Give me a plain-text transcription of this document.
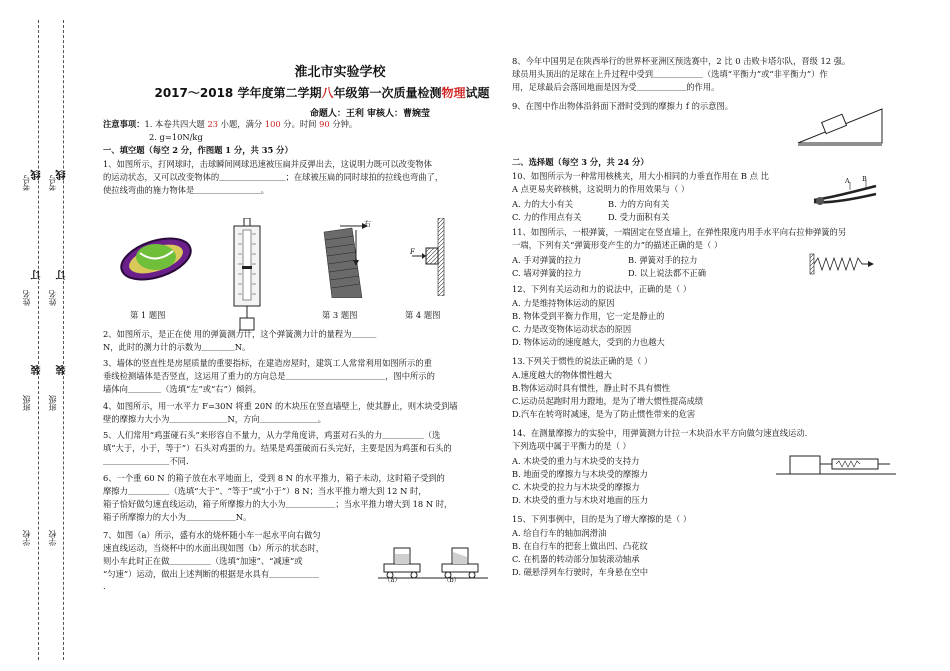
考号 考号
线 线
姓名 姓名
订 订
班级 班级
装 装
学校 学校
淮北市实验学校
2017～2018 学年度第二学期八年级第一次质量检测物理试题
命题人：王利 审核人：曹婉莹
注意事项：1. 本卷共四大题 23 小题，满分 100 分。时间 90 分钟。
2. g=10N/kg
一、填空题（每空 2 分，作图题 1 分，共 35 分）
1、如图所示，打网球时，击球瞬间网球迅速被压扁并反弹出去，这说明力既可以改变物体
的运动状态，又可以改变物体的＿＿＿＿＿＿＿＿；在球被压扁的同时球拍的拉线也弯曲了，
使拉线弯曲的施力物体是＿＿＿＿＿＿＿＿。
右
F
第 1 题图	第 3 题图	第 4 题图
2、如图所示，是正在使 用的弹簧测力计，这个弹簧测力计的量程为＿＿＿
N，此时的测力计的示数为＿＿＿＿N。
3、墙体的竖直性是房屋质量的重要指标，在建造房屋时，建筑工人常常利用如图所示的重
垂线检测墙体是否竖直，这运用了重力的方向总是＿＿＿＿＿＿＿＿＿＿＿＿，图中所示的
墙体向＿＿＿＿（选填“左”或“右”）倾斜。
4、如图所示，用一水平力 F=30N 将重 20N 的木块压在竖直墙壁上，使其静止，则木块受到墙
壁的摩擦力大小为＿＿＿＿＿＿＿N，方向＿＿＿＿＿＿＿。
5、人们常用“鸡蛋碰石头”来形容自不量力，从力学角度讲，鸡蛋对石头的力＿＿＿＿＿（选
填“大于，小于，等于”）石头对鸡蛋的力。结果是鸡蛋破而石头完好，主要是因为鸡蛋和石头的
＿＿＿＿＿＿＿＿不同.
6、一个重 60 N 的箱子放在水平地面上，受到 8 N 的水平推力，箱子未动，这时箱子受到的
摩擦力＿＿＿＿＿（选填“大于”、“等于”或“小于”）8 N；当水平推力增大到 12 N 时，
箱子恰好做匀速直线运动，箱子所摩擦力的大小为＿＿＿＿＿＿；当水平推力增大到 18 N 时，
箱子所摩擦力的大小为＿＿＿＿＿＿N。
7、如图（a）所示，盛有水的烧杯随小车一起水平向右做匀
速直线运动，当烧杯中的水面出现如图（b）所示的状态时，
则小车此时正在做＿＿＿＿＿（选填“加速”、“减速”或
“匀速”）运动，做出上述判断的根据是水具有＿＿＿＿＿＿
.
（a）	（b）
8、今年中国男足在陕西举行的世界杯亚洲区预选赛中，2 比 0 击败卡塔尔队，晋级 12 强。
球员用头顶出的足球在上升过程中受到＿＿＿＿＿＿（选填“平衡力”或“非平衡力”）作
用，足球最后会落回地面是因为受＿＿＿＿＿＿的作用。
9、在图中作出物体沿斜面下滑时受到的摩擦力 f 的示意图。
二、选择题（每空 3 分，共 24 分）
10、如图所示为一种常用核桃夹，用大小相同的力垂直作用在 B 点 比
A 点更易夹碎核桃，这说明力的作用效果与（ ）
A B
A. 力的大小有关	B. 力的方向有关
C. 力的作用点有关	D. 受力面积有关
11、如图所示，一根弹簧，一端固定在竖直墙上，在弹性限度内用手水平向右拉伸弹簧的另
一端，下列有关“弹簧形变产生的力”的描述正确的是（ ）
A. 手对弹簧的拉力	B. 弹簧对手的拉力
C. 墙对弹簧的拉力	D. 以上说法都不正确
12、下列有关运动和力的说法中，正确的是（ ）
A. 力是维持物体运动的原因
B. 物体受到平衡力作用，它一定是静止的
C. 力是改变物体运动状态的原因
D. 物体运动的速度越大，受到的力也越大
13.下列关于惯性的说法正确的是（ ）
A.速度越大的物体惯性越大
B.物体运动时具有惯性，静止时不具有惯性
C.运动员起跑时用力蹬地，是为了增大惯性提高成绩
D.汽车在转弯时减速，是为了防止惯性带来的危害
14、在测量摩擦力的实验中，用弹簧测力计拉一木块沿水平方向做匀速直线运动.
下列选项中属于平衡力的是（ ）
A. 木块受的重力与木块受的支持力
B. 地面受的摩擦力与木块受的摩擦力
C. 木块受的拉力与木块受的摩擦力
D. 木块受的重力与木块对地面的压力
15、下列事例中，目的是为了增大摩擦的是（ ）
A. 给自行车的轴加润滑油
B. 在自行车的把套上做出凹、凸花纹
C. 在机器的转动部分加装滚动轴承
D. 磁悬浮列车行驶时，车身悬在空中
